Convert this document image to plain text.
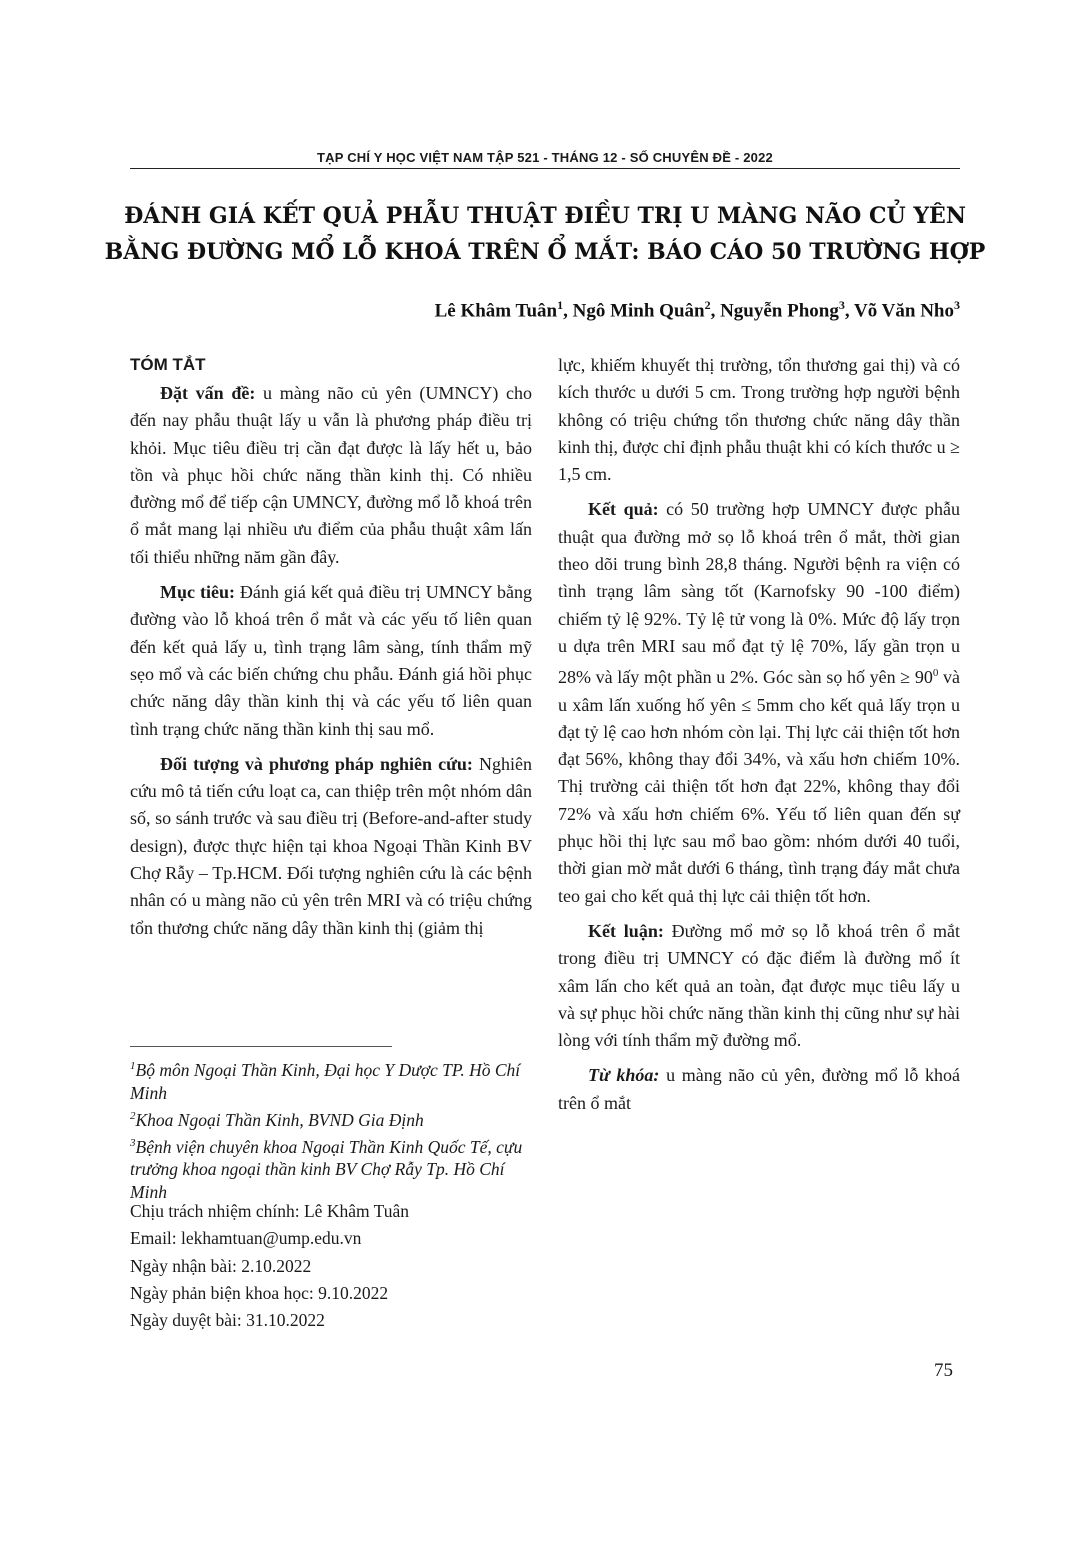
TẠP CHÍ Y HỌC VIỆT NAM TẬP 521 - THÁNG 12 - SỐ CHUYÊN ĐỀ - 2022
ĐÁNH GIÁ KẾT QUẢ PHẪU THUẬT ĐIỀU TRỊ U MÀNG NÃO CỦ YÊN
BẰNG ĐƯỜNG MỔ LỖ KHOÁ TRÊN Ổ MẮT: BÁO CÁO 50 TRƯỜNG HỢP
Lê Khâm Tuân$^1$, Ngô Minh Quân$^2$, Nguyễn Phong$^3$, Võ Văn Nho$^3$
TÓM TẮT

Đặt vấn đề: u màng não củ yên (UMNCY) cho đến nay phẫu thuật lấy u vẫn là phương pháp điều trị khỏi. Mục tiêu điều trị cần đạt được là lấy hết u, bảo tồn và phục hồi chức năng thần kinh thị. Có nhiều đường mổ để tiếp cận UMNCY, đường mổ lỗ khoá trên ổ mắt mang lại nhiều ưu điểm của phẫu thuật xâm lấn tối thiểu những năm gần đây.

Mục tiêu: Đánh giá kết quả điều trị UMNCY bằng đường vào lỗ khoá trên ổ mắt và các yếu tố liên quan đến kết quả lấy u, tình trạng lâm sàng, tính thẩm mỹ sẹo mổ và các biến chứng chu phẫu. Đánh giá hồi phục chức năng dây thần kinh thị và các yếu tố liên quan tình trạng chức năng thần kinh thị sau mổ.

Đối tượng và phương pháp nghiên cứu: Nghiên cứu mô tả tiến cứu loạt ca, can thiệp trên một nhóm dân số, so sánh trước và sau điều trị (Before-and-after study design), được thực hiện tại khoa Ngoại Thần Kinh BV Chợ Rẫy – Tp.HCM. Đối tượng nghiên cứu là các bệnh nhân có u màng não củ yên trên MRI và có triệu chứng tổn thương chức năng dây thần kinh thị (giảm thị

$^1$Bộ môn Ngoại Thần Kinh, Đại học Y Dược TP. Hồ Chí Minh

$^2$Khoa Ngoại Thần Kinh, BVND Gia Định

$^3$Bệnh viện chuyên khoa Ngoại Thần Kinh Quốc Tế, cựu trưởng khoa ngoại thần kinh BV Chợ Rẫy Tp. Hồ Chí Minh

Chịu trách nhiệm chính: Lê Khâm Tuân

Email: lekhamtuan@ump.edu.vn

Ngày nhận bài: 2.10.2022

Ngày phản biện khoa học: 9.10.2022

Ngày duyệt bài: 31.10.2022

lực, khiếm khuyết thị trường, tổn thương gai thị) và có kích thước u dưới 5 cm. Trong trường hợp người bệnh không có triệu chứng tổn thương chức năng dây thần kinh thị, được chỉ định phẫu thuật khi có kích thước u ≥ 1,5 cm.

Kết quả: có 50 trường hợp UMNCY được phẫu thuật qua đường mở sọ lỗ khoá trên ổ mắt, thời gian theo dõi trung bình 28,8 tháng. Người bệnh ra viện có tình trạng lâm sàng tốt (Karnofsky 90 -100 điểm) chiếm tỷ lệ 92%. Tỷ lệ tử vong là 0%. Mức độ lấy trọn u dựa trên MRI sau mổ đạt tỷ lệ 70%, lấy gần trọn u 28% và lấy một phần u 2%. Góc sàn sọ hố yên ≥ $90^0$ và u xâm lấn xuống hố yên ≤ 5mm cho kết quả lấy trọn u đạt tỷ lệ cao hơn nhóm còn lại. Thị lực cải thiện tốt hơn đạt 56%, không thay đổi 34%, và xấu hơn chiếm 10%. Thị trường cải thiện tốt hơn đạt 22%, không thay đổi 72% và xấu hơn chiếm 6%. Yếu tố liên quan đến sự phục hồi thị lực sau mổ bao gồm: nhóm dưới 40 tuổi, thời gian mờ mắt dưới 6 tháng, tình trạng đáy mắt chưa teo gai cho kết quả thị lực cải thiện tốt hơn.

Kết luận: Đường mổ mở sọ lỗ khoá trên ổ mắt trong điều trị UMNCY có đặc điểm là đường mổ ít xâm lấn cho kết quả an toàn, đạt được mục tiêu lấy u và sự phục hồi chức năng thần kinh thị cũng như sự hài lòng với tính thẩm mỹ đường mổ.

Từ khóa: u màng não củ yên, đường mổ lỗ khoá trên ổ mắt

75
